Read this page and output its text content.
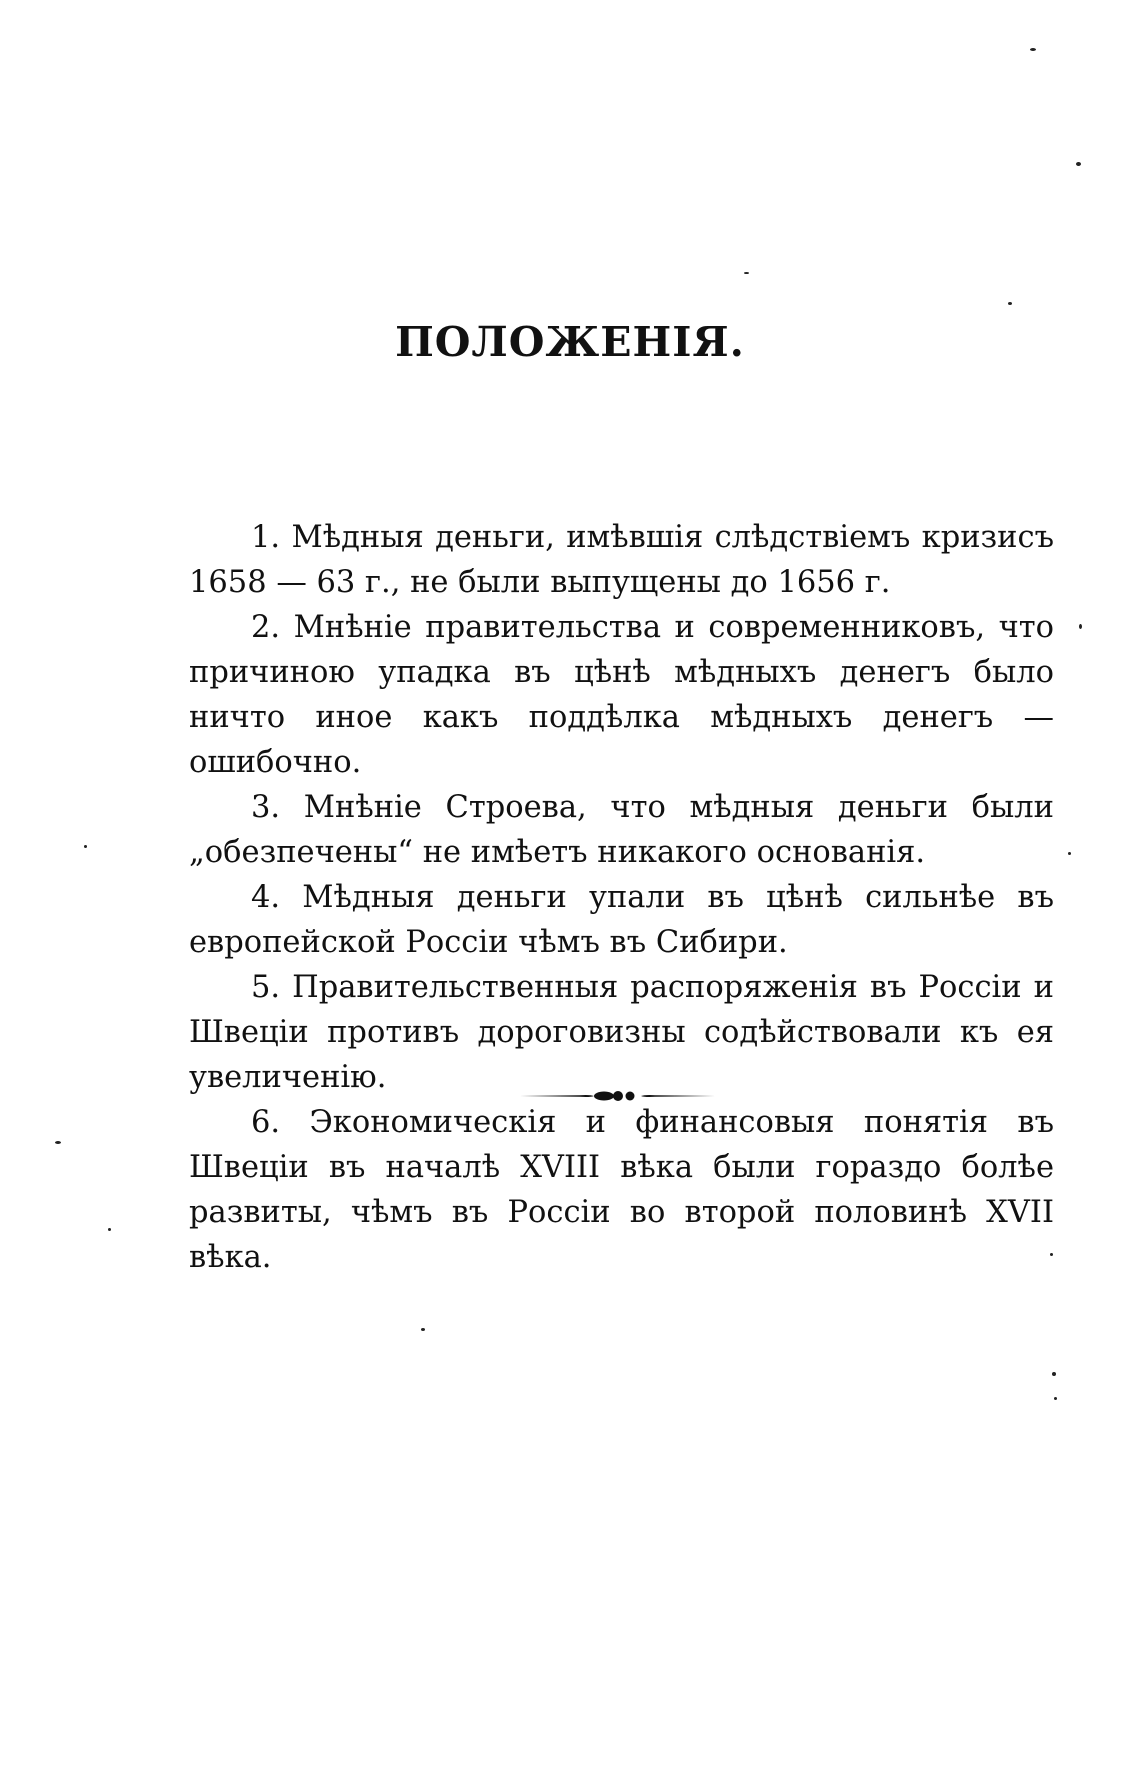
ПОЛОЖЕНІЯ.
1. Мѣдныя деньги, имѣвшія слѣдствіемъ кризисъ 1658 — 63 г., не были выпущены до 1656 г.
2. Мнѣніе правительства и современниковъ, что причиною упадка въ цѣнѣ мѣдныхъ денегъ было ничто иное какъ поддѣлка мѣдныхъ денегъ — ошибочно.
3. Мнѣніе Строева, что мѣдныя деньги были „обезпечены“ не имѣетъ никакого основанія.
4. Мѣдныя деньги упали въ цѣнѣ сильнѣе въ европейской Россіи чѣмъ въ Сибири.
5. Правительственныя распоряженія въ Россіи и Швеціи противъ дороговизны содѣйствовали къ ея увеличенію.
6. Экономическія и финансовыя понятія въ Швеціи въ началѣ XVIII вѣка были гораздо болѣе развиты, чѣмъ въ Россіи во второй половинѣ XVII вѣка.
